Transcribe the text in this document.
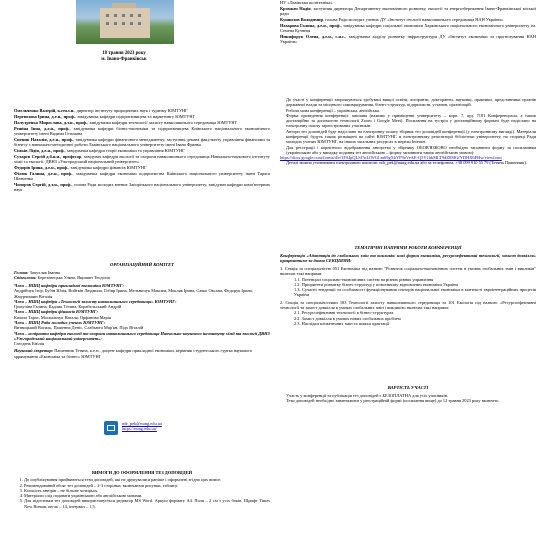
18 травня 2023 року
м. Івано-Франківськ

Омельченко Валерій, к.геол.н., директор інституту природничих наук і туризму ЮМТУНГ

Перевозова Ірина, д.е.н., проф., завідувачка кафедри підприємництва та маркетингу ЮМТУНГ

Полутренко Мирослава, д.т.н., проф., завідувачка кафедри технології захисту навколишнього середовища ЮМТУНГ

Решіна Інна, д.е.н., проф., завідувачка кафедри бізнес-економіки та підприємництва Київського національного економічного університету імені Вадима Гетьмана

Ситник Наталія, д.е.н., проф., завідувачка кафедри фінансового менеджменту, заступник декана факультету управління фінансами та бізнесу з навчально-методичної роботи Львівського національного університету імені Івана Франка

Сімків Лідія, д.е.н., проф., завідувачка кафедри теорії економіки та управління ЮМТУНГ

Сухарєв Сергій д.б.н.н., професор, завідувач кафедри екології та охорони навколишнього середовища Навчально-наукового інституту хімії та екології, ДВНЗ «Ужгородський національний університет»

Федорів Ірина, д.е.н., проф., завідувачка кафедри фінансів ЮМТУНГ

Філюк Галина, д.е.н., проф., завідувачка кафедри економіки підприємства Київського національного університету імені Тараса Шевченка

Чопоров Сергій, д.т.н., проф., голова Ради молодих вчених Запорізького національного університету, завідувач кафедри комп'ютерних наук

ОРГАНІЗАЦІЙНИЙ КОМІТЕТ
Голова: Запухляк Іванна
Співголови: Березовецька Уляна, Яцишин Теодозія
Член – НШЦ кафедри прикладної економіки ЮМТУНГ:
Андрійчук Ігор, Бубін Юлія, Войтків Людмила, Гобир Ірина, Мельничук Максим, Мокляк Ірина, Сачко Оксана, Федорук Ірина, Жмурчишин Віталія
Член – НШЦ кафедри «Технології захисту навколишнього середовища» ЮМТУНГ:
Гризуліна Галина, Кадлик Тетяна, Корабельський Андрій
Член – НШЦ кафедри фінансів ЮМТУНГ:
Качала Тарас, Москальчук Наталя, Орфанова Марія
Член – НШЦ Рада молодих учених ЮМТУНГ:
Витвицький Василь, Пашенна Деніс, Слабьюта Мар'ян, Підх Віталій
Член – аспіранти кафедри екології та охорони навколишнього середовища Навчально-наукового інституту хімії та екології ДВНЗ «Ужгородський національний університет»:
Глеєдень Емілія
Науковий секретар: Пашенник Тетяна, к.е.н., доцент кафедри прикладної економіки, керівник студентського гуртка наукового spрямування «Економіка та бізнес» ЮМТУНГ
ndr_pek@nung.edu.ua
https://nung.edu.ua/
ВИМОГИ ДО ОФОРМЛЕННЯ ТЕЗ ДОПОВІДЕЙ
1. До опублікування приймаються тези доповідей, які не друкувалися раніше і оформлені згідно цих вимог.
2. Рекомендований обсяг тез доповідей – 2-3 сторінки, включаючи рисунки, таблиці.
3. Кількість авторів – не більше чотирьох.
4. Матеріали слід подавати українською або англійською мовами.
5. Для підготовки тез доповідей використовується редактор MS Word. Аркуш формату А4. Поля – 2 см з усіх боків. Шрифт Times New Roman, кегль – 14, інтервал – 1,5.

НУ «Львівська політехніка»

Кромкач Надія, заступник директора Департаменту економічного розвитку, екології та енергозбереження Івано-Франківської міської ради

Кушнєзов Володимир, голова Ради молодих учених ДУ «Інститут геології навколишнього середовища НАН України»

Назарова Галина, д.е.н., проф., завідувачка кафедри соціальної економіки Харківського національного економічного університету ім. Семена Кузнеця

Никифорук Олена, д.е.н., с.н.с., завідувачка відділу розвитку інфраструктури ДУ «Інститут економіки та прогнозування НАН України»

До участі у конференції запрошуються здобувачі вищої освіти, аспіранти, докторанти, науковці, практики, представники органів державної влади та місцевого самоврядування, бізнес-структур, підприємств, установ, організацій.

Робоча мова конференції – українська, англійська.

Форма проведення конференції: змішана (наживо у приміщенні університету – корп. 7, ауд. 7101 Конференцзала, а також дистанційно за допомогою технології Zoom і Google Meet). Посилання на зустріч у дистанційному форматі буде надіслано на електронну пошту зареєстрованих учасників.

Автори тез доповідей буде надіслано на електронну пошту збірник тез доповідей конференції (у електронному вигляді). Матеріали конференції будуть також розміщені на сайті ЮМТУНГ, в електронному репозиторії бібліотеки університету, на сторінці Ради молодих учених ЮМТУНГ, на інших загальних ресурсах в мережі Internet.

Для реєстрації і коректного відображення авторства у збірнику ОБОВ'ЯЗКОВО необхідно заповнити форму за посиланням (українською або у випадку подання тез англійською – форму заповнити також англійською мовою):

https://docs.google.com/forms/d/e/1FAIpQLSf7nLfWGLm69gXkYF9oVeAE-Q5Y1hkMLT9dZ0MGfYDHX6FHw/viewform

Деталі можна уточнювати електронною поштою: ndr_pek@nung.edu.ua або за телефоном: +38 099 910 55 79 (Тетяна Пашенник).

ТЕМАТИЧНІ НАПРЯМИ РОБОТИ КОНФЕРЕНЦІЇ
Конференція «Адаптація до глобальних змін та викликів: нові форми економіки, ресурсоефективні технології, захист довкілля» працюватиме за двома СЕКЦІЯМИ:
1. Секція за спеціальністю 051 Економіка під назвою "Розвиток соціально-економічних систем в умовах глобальних змін і викликів" включає такі напрями:
1.1. Потенціал соціально-економічних систем на різних рівнях управління
1.2. Пріоритети розвитку бізнес-структур у повоєнному відновленні економіки України
1.3. Сучасні тенденції та особливості функціонування секторів національної економіки в контексті євроінтеграційних процесів України
2. Секція за спеціальностями 183 Технології захисту навколишнього середовища та 101 Екологія під назвою: «Ресурсоефективні технології та захист довкілля в умовах глобальних змін і викликів» включає такі напрями:
2.1. Ресурсоефективні технології в бізнес-структурах
2.2. Захист довкілля в умовах нових глобальних проблем
2.3. Наслідки кліматичних змін та шляхи адаптації
ВАРТІСТЬ УЧАСТІ
Участь у конференції та публікація тез доповідей є БЕЗОПЛАТНА для усіх учасників.
Тези доповідей необхідно завантажити у реєстраційній формі (посилання вище) до 12 травня 2023 року включно.
